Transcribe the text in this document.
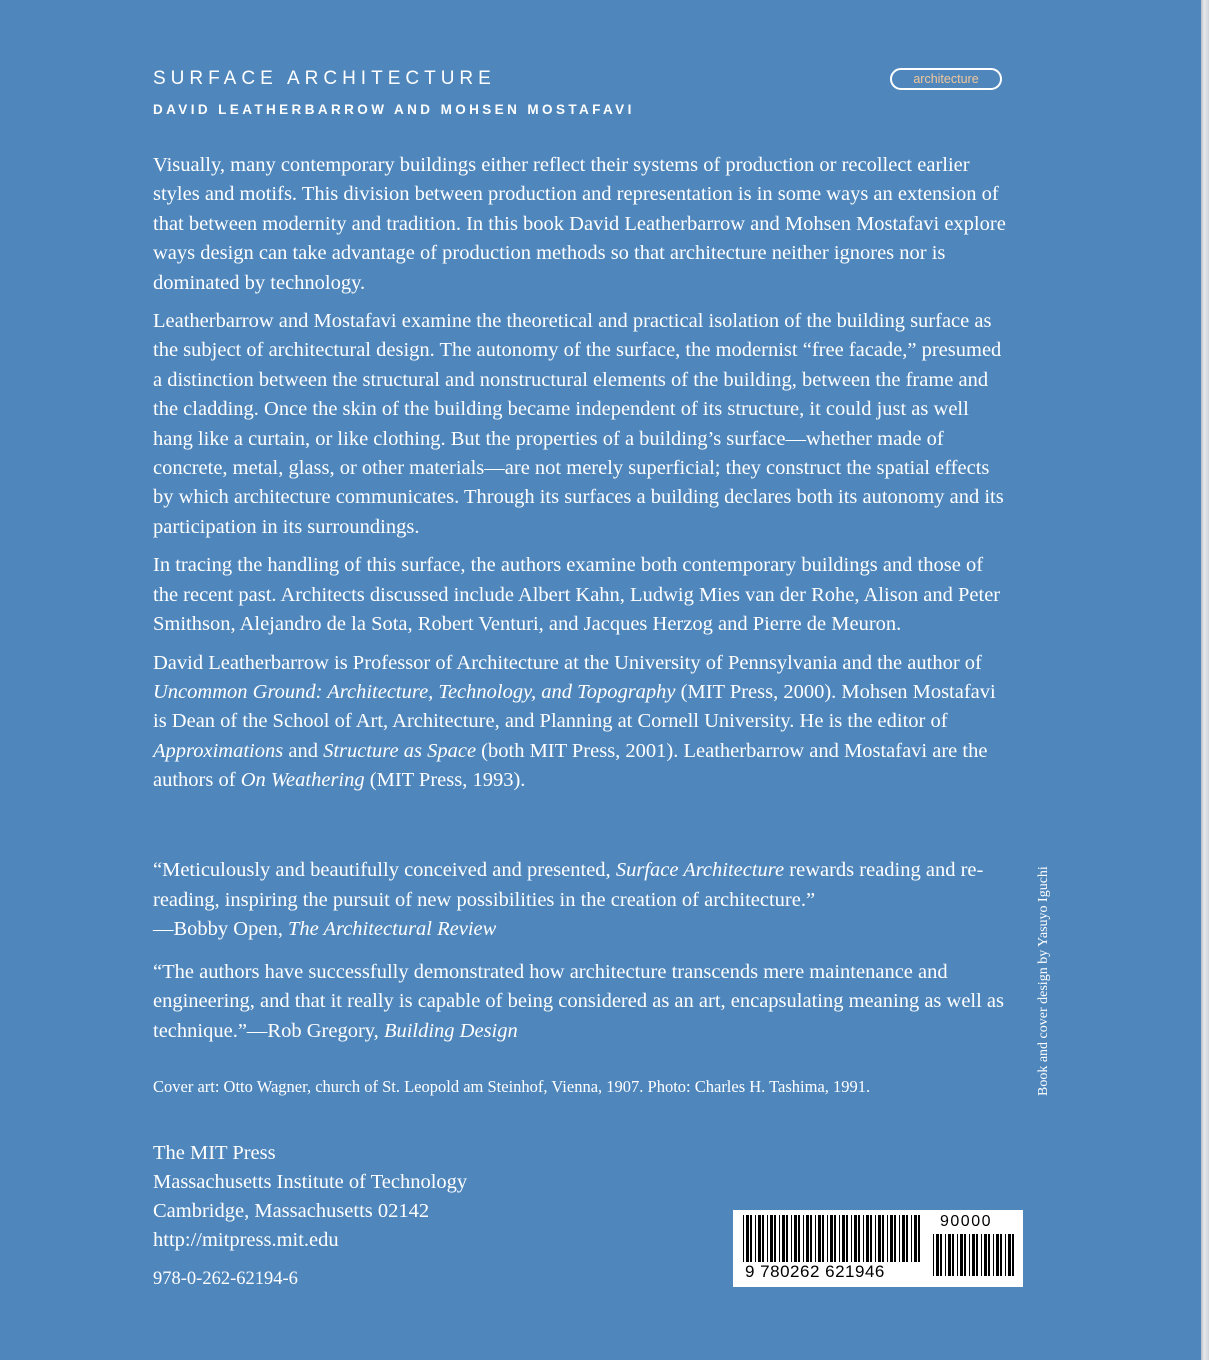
SURFACE ARCHITECTURE
DAVID LEATHERBARROW AND MOHSEN MOSTAFAVI
architecture

Visually, many contemporary buildings either reflect their systems of production or recollect earlier styles and motifs. This division between production and representation is in some ways an extension of that between modernity and tradition. In this book David Leatherbarrow and Mohsen Mostafavi explore ways design can take advantage of production methods so that architecture neither ignores nor is dominated by technology.

Leatherbarrow and Mostafavi examine the theoretical and practical isolation of the building surface as the subject of architectural design. The autonomy of the surface, the modernist “free facade,” presumed a distinction between the structural and nonstructural elements of the building, between the frame and the cladding. Once the skin of the building became independent of its structure, it could just as well hang like a curtain, or like clothing. But the properties of a building’s surface—whether made of concrete, metal, glass, or other materials—are not merely superficial; they construct the spatial effects by which architecture communicates. Through its surfaces a building declares both its autonomy and its participation in its surroundings.

In tracing the handling of this surface, the authors examine both contemporary buildings and those of the recent past. Architects discussed include Albert Kahn, Ludwig Mies van der Rohe, Alison and Peter Smithson, Alejandro de la Sota, Robert Venturi, and Jacques Herzog and Pierre de Meuron.

David Leatherbarrow is Professor of Architecture at the University of Pennsylvania and the author of Uncommon Ground: Architecture, Technology, and Topography (MIT Press, 2000). Mohsen Mostafavi is Dean of the School of Art, Architecture, and Planning at Cornell University. He is the editor of Approximations and Structure as Space (both MIT Press, 2001). Leatherbarrow and Mostafavi are the authors of On Weathering (MIT Press, 1993).

“Meticulously and beautifully conceived and presented, Surface Architecture rewards reading and re-reading, inspiring the pursuit of new possibilities in the creation of architecture.”
—Bobby Open, The Architectural Review

“The authors have successfully demonstrated how architecture transcends mere maintenance and engineering, and that it really is capable of being considered as an art, encapsulating meaning as well as technique.”—Rob Gregory, Building Design

Cover art: Otto Wagner, church of St. Leopold am Steinhof, Vienna, 1907. Photo: Charles H. Tashima, 1991.
The MIT Press
Massachusetts Institute of Technology
Cambridge, Massachusetts 02142
http://mitpress.mit.edu
978-0-262-62194-6
Book and cover design by Yasuyo Iguchi
9 780262 621946
90000
